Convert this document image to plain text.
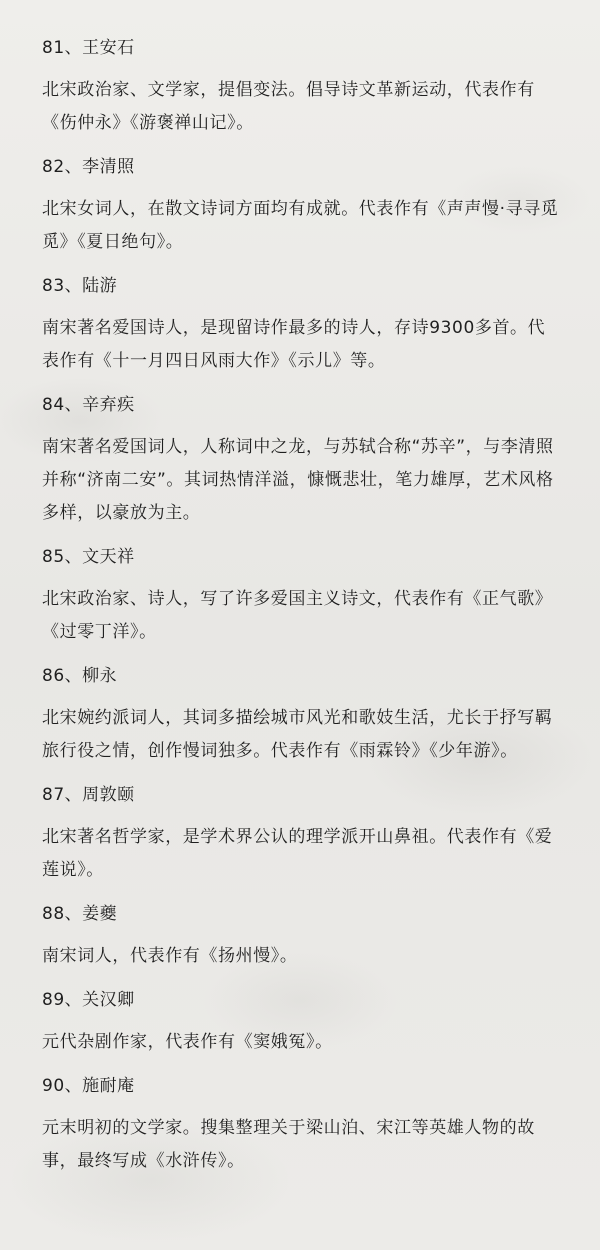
81、王安石
北宋政治家、文学家，提倡变法。倡导诗文革新运动，代表作有《伤仲永》《游褒禅山记》。
82、李清照
北宋女词人，在散文诗词方面均有成就。代表作有《声声慢·寻寻觅觅》《夏日绝句》。
83、陆游
南宋著名爱国诗人，是现留诗作最多的诗人，存诗9300多首。代表作有《十一月四日风雨大作》《示儿》等。
84、辛弃疾
南宋著名爱国词人，人称词中之龙，与苏轼合称“苏辛”，与李清照并称“济南二安”。其词热情洋溢，慷慨悲壮，笔力雄厚，艺术风格多样，以豪放为主。
85、文天祥
北宋政治家、诗人，写了许多爱国主义诗文，代表作有《正气歌》《过零丁洋》。
86、柳永
北宋婉约派词人，其词多描绘城市风光和歌妓生活，尤长于抒写羁旅行役之情，创作慢词独多。代表作有《雨霖铃》《少年游》。
87、周敦颐
北宋著名哲学家，是学术界公认的理学派开山鼻祖。代表作有《爱莲说》。
88、姜夔
南宋词人，代表作有《扬州慢》。
89、关汉卿
元代杂剧作家，代表作有《窦娥冤》。
90、施耐庵
元末明初的文学家。搜集整理关于梁山泊、宋江等英雄人物的故事，最终写成《水浒传》。
